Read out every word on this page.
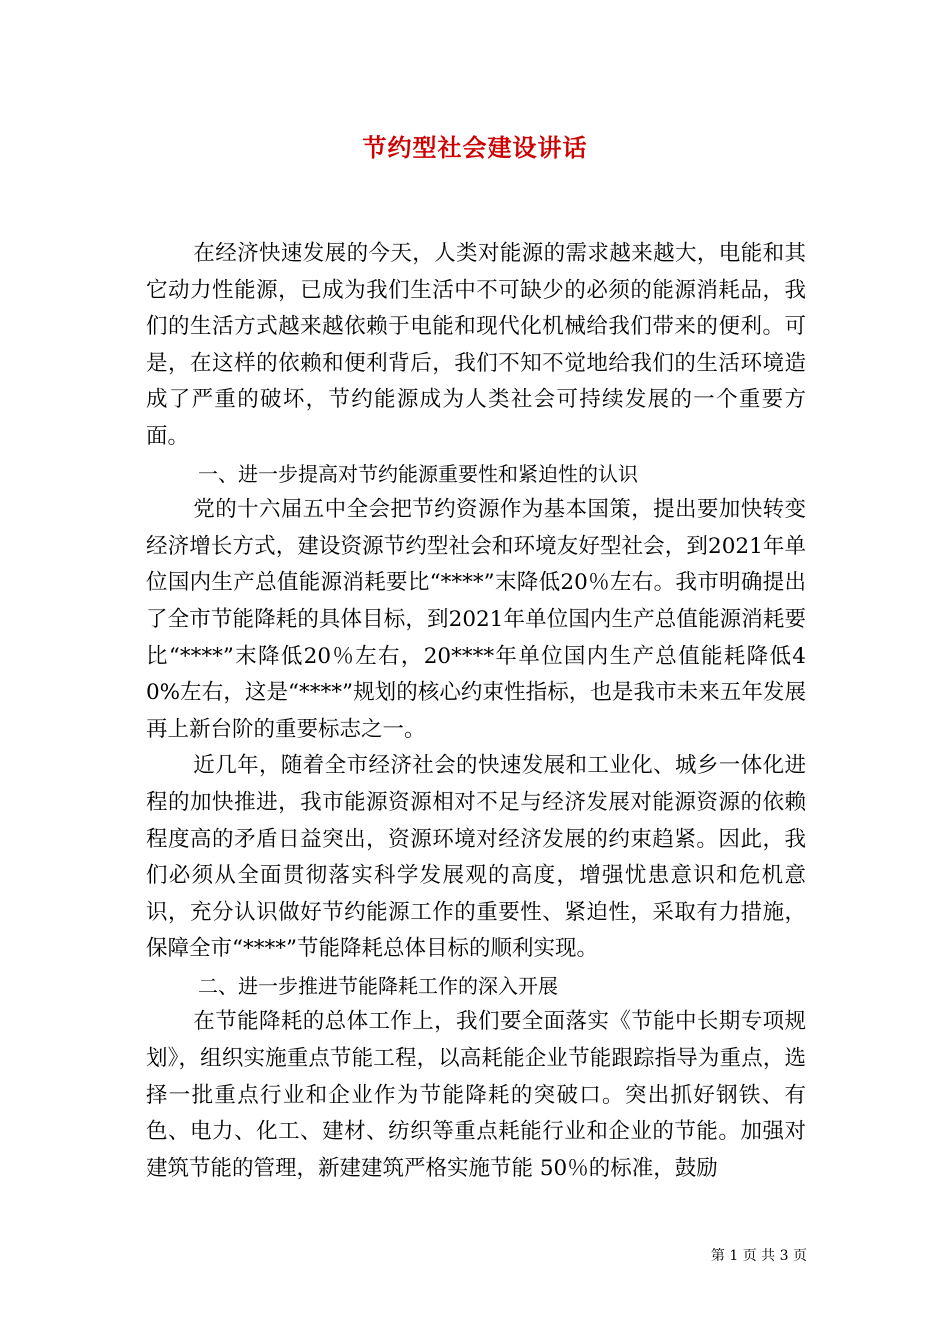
节约型社会建设讲话

在经济快速发展的今天，人类对能源的需求越来越大，电能和其它动力性能源，已成为我们生活中不可缺少的必须的能源消耗品，我们的生活方式越来越依赖于电能和现代化机械给我们带来的便利。可是，在这样的依赖和便利背后，我们不知不觉地给我们的生活环境造成了严重的破坏，节约能源成为人类社会可持续发展的一个重要方面。

一、进一步提高对节约能源重要性和紧迫性的认识

党的十六届五中全会把节约资源作为基本国策，提出要加快转变经济增长方式，建设资源节约型社会和环境友好型社会，到2021年单位国内生产总值能源消耗要比“****”末降低20％左右。我市明确提出了全市节能降耗的具体目标，到2021年单位国内生产总值能源消耗要比“****”末降低20％左右，20****年单位国内生产总值能耗降低40%左右，这是“****”规划的核心约束性指标，也是我市未来五年发展再上新台阶的重要标志之一。

近几年，随着全市经济社会的快速发展和工业化、城乡一体化进程的加快推进，我市能源资源相对不足与经济发展对能源资源的依赖程度高的矛盾日益突出，资源环境对经济发展的约束趋紧。因此，我们必须从全面贯彻落实科学发展观的高度，增强忧患意识和危机意识，充分认识做好节约能源工作的重要性、紧迫性，采取有力措施，保障全市“****”节能降耗总体目标的顺利实现。

二、进一步推进节能降耗工作的深入开展

在节能降耗的总体工作上，我们要全面落实《节能中长期专项规划》，组织实施重点节能工程，以高耗能企业节能跟踪指导为重点，选择一批重点行业和企业作为节能降耗的突破口。突出抓好钢铁、有色、电力、化工、建材、纺织等重点耗能行业和企业的节能。加强对建筑节能的管理，新建建筑严格实施节能 50％的标准，鼓励

第 1 页 共 3 页
